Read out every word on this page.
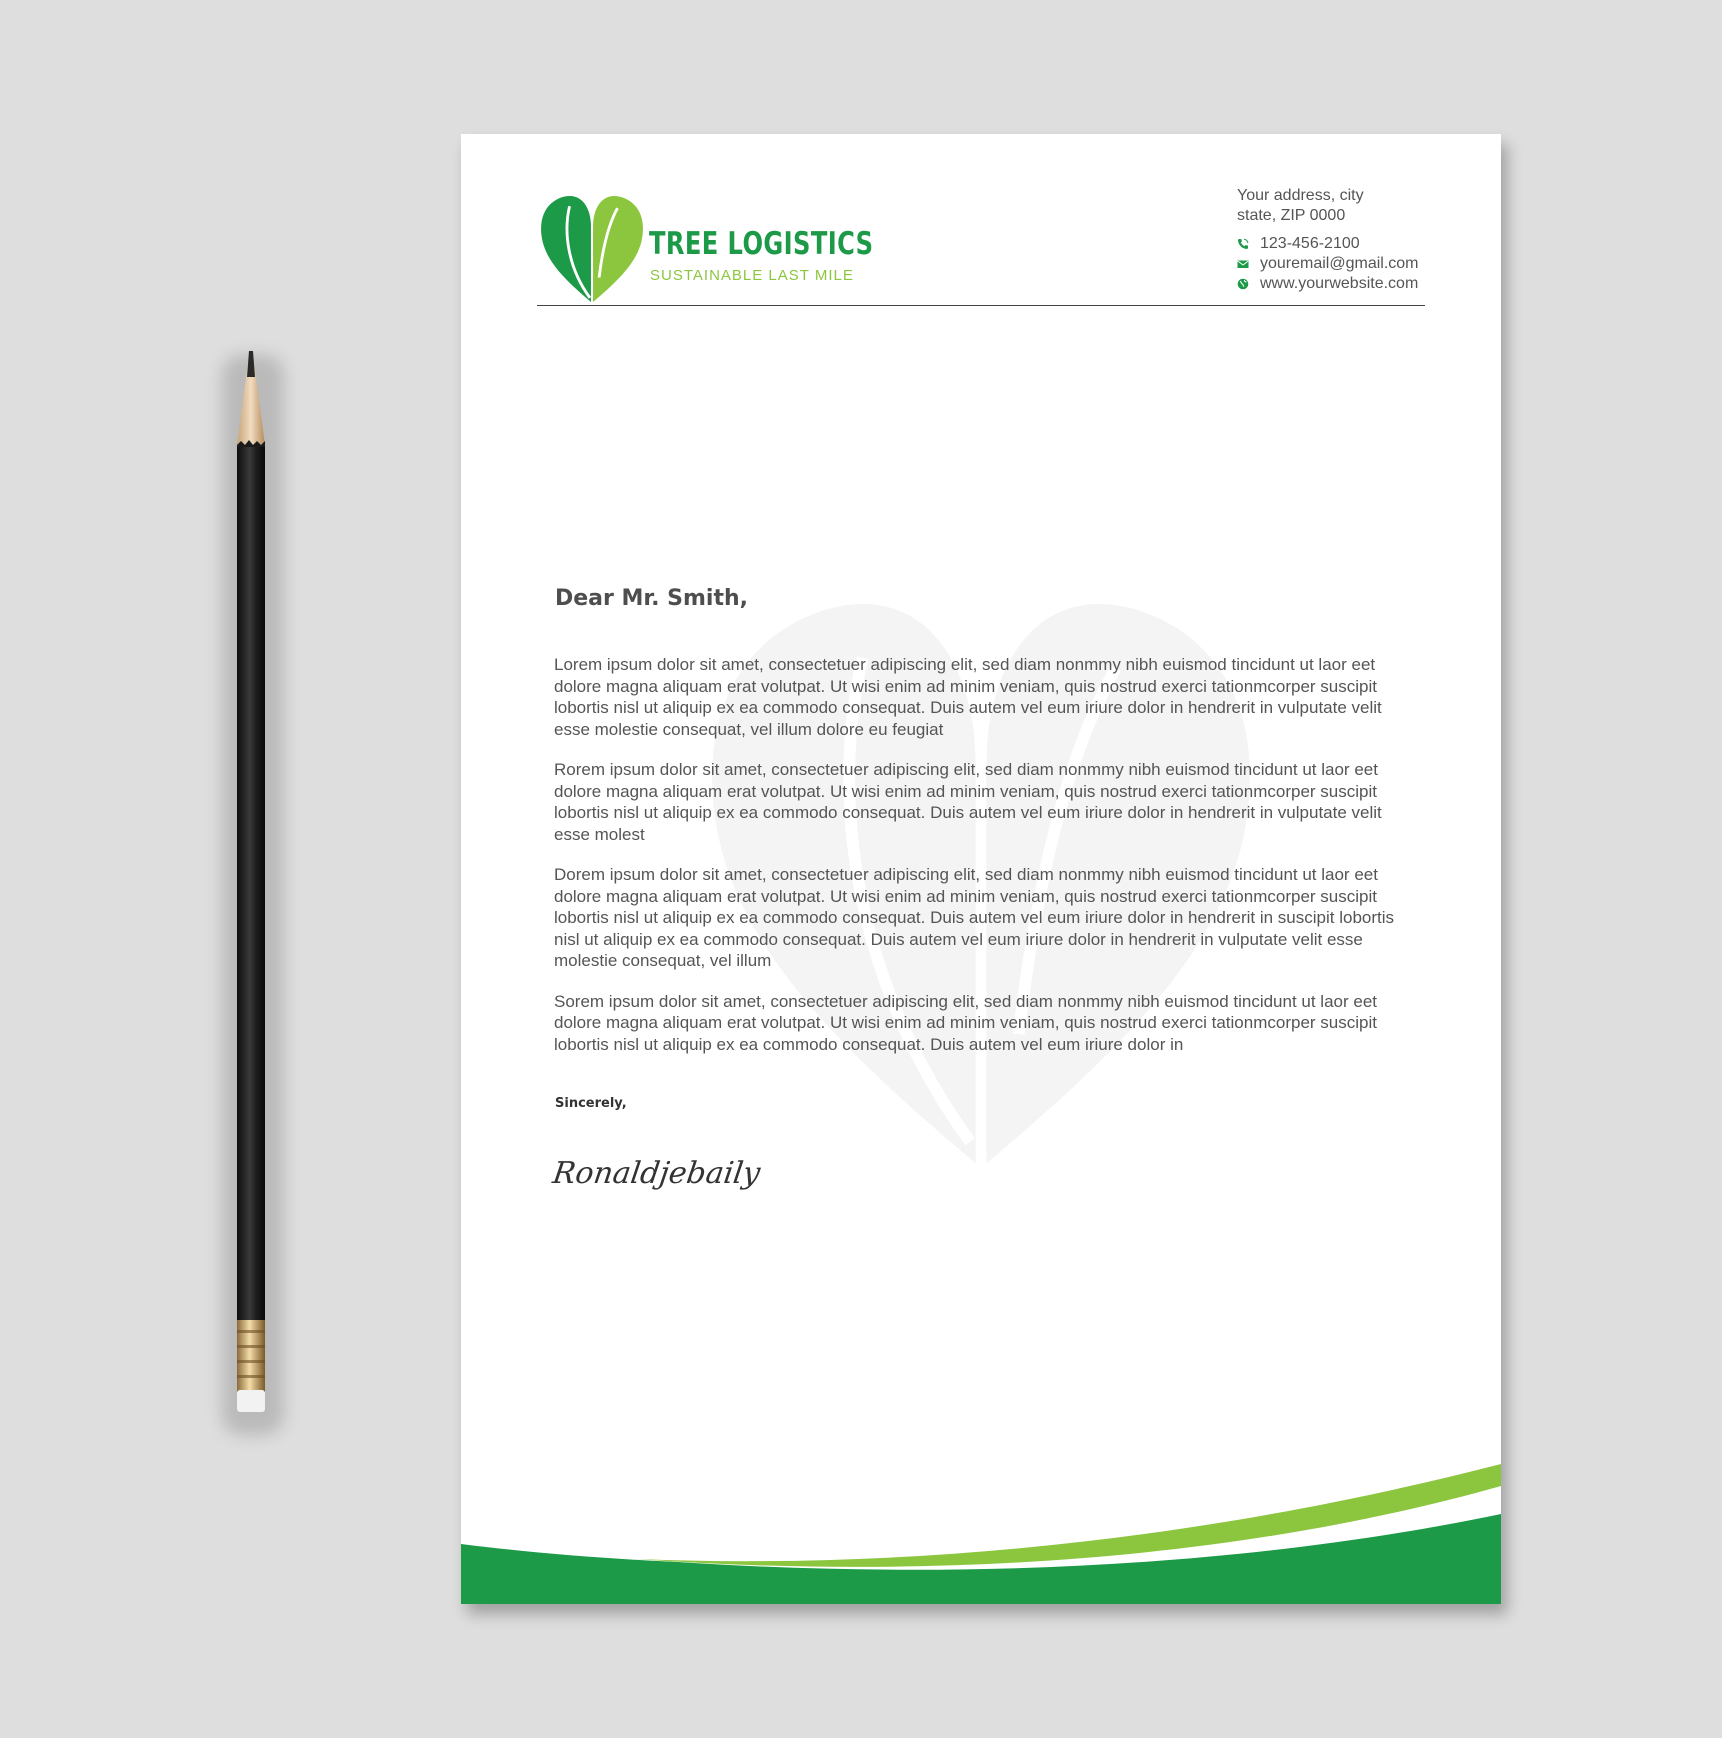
TREE LOGISTICS
SUSTAINABLE LAST MILE
Your address, city
state, ZIP 0000
123-456-2100
youremail@gmail.com
www.yourwebsite.com
Dear Mr. Smith,

Lorem ipsum dolor sit amet, consectetuer adipiscing elit, sed diam nonmmy nibh euismod tincidunt ut laor eet dolore magna aliquam erat volutpat. Ut wisi enim ad minim veniam, quis nostrud exerci tationmcorper suscipit lobortis nisl ut aliquip ex ea commodo consequat. Duis autem vel eum iriure dolor in hendrerit in vulputate velit esse molestie consequat, vel illum dolore eu feugiat

Rorem ipsum dolor sit amet, consectetuer adipiscing elit, sed diam nonmmy nibh euismod tincidunt ut laor eet dolore magna aliquam erat volutpat. Ut wisi enim ad minim veniam, quis nostrud exerci tationmcorper suscipit lobortis nisl ut aliquip ex ea commodo consequat. Duis autem vel eum iriure dolor in hendrerit in vulputate velit esse molest

Dorem ipsum dolor sit amet, consectetuer adipiscing elit, sed diam nonmmy nibh euismod tincidunt ut laor eet dolore magna aliquam erat volutpat. Ut wisi enim ad minim veniam, quis nostrud exerci tationmcorper suscipit lobortis nisl ut aliquip ex ea commodo consequat. Duis autem vel eum iriure dolor in hendrerit in suscipit lobortis nisl ut aliquip ex ea commodo consequat. Duis autem vel eum iriure dolor in hendrerit in vulputate velit esse molestie consequat, vel illum

Sorem ipsum dolor sit amet, consectetuer adipiscing elit, sed diam nonmmy nibh euismod tincidunt ut laor eet dolore magna aliquam erat volutpat. Ut wisi enim ad minim veniam, quis nostrud exerci tationmcorper suscipit lobortis nisl ut aliquip ex ea commodo consequat. Duis autem vel eum iriure dolor in

Sincerely,
Ronaldjebaily
